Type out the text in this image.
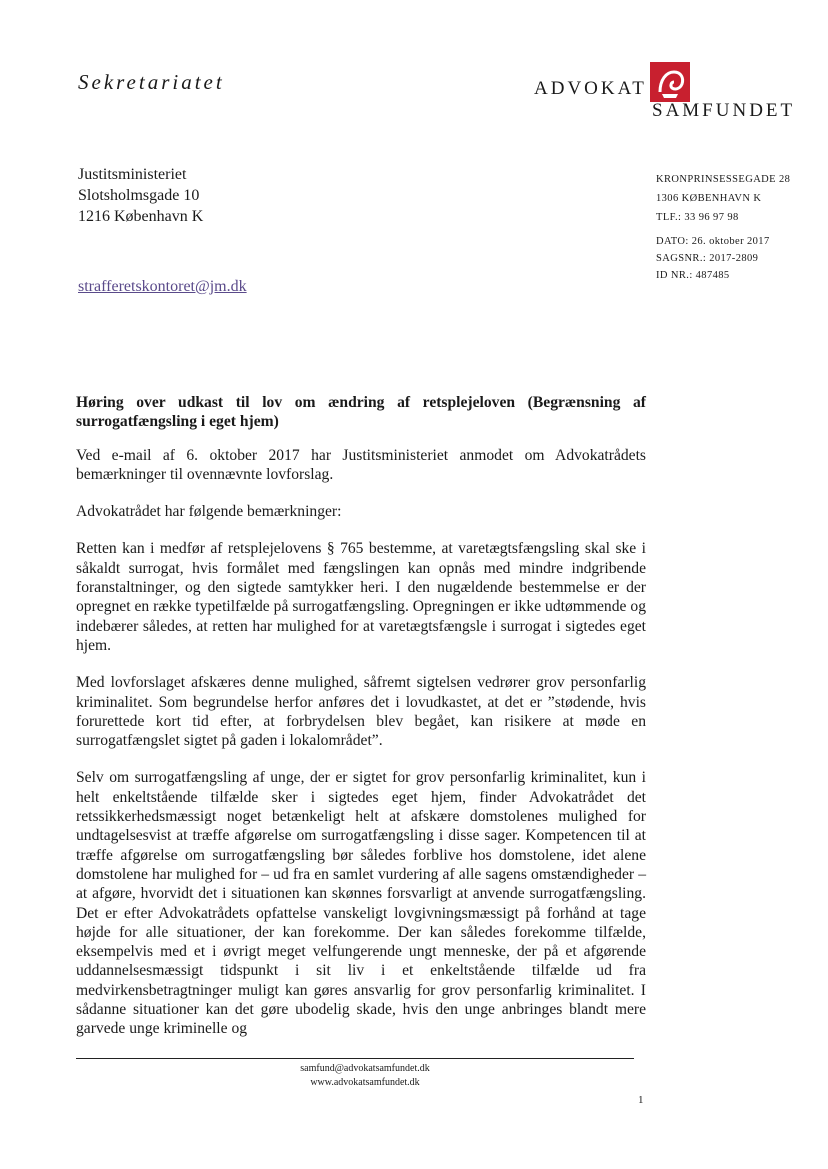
Sekretariatet	ADVOKAT
SAMFUNDET
Justitsministeriet
Slotsholmsgade 10
1216 København K
KRONPRINSESSEGADE 28
1306 KØBENHAVN K
TLF.: 33 96 97 98
DATO: 26. oktober 2017
SAGSNR.: 2017-2809
ID NR.: 487485
strafferetskontoret@jm.dk
Høring over udkast til lov om ændring af retsplejeloven (Begrænsning af surrogatfængsling i eget hjem)

Ved e-mail af 6. oktober 2017 har Justitsministeriet anmodet om Advokatrådets bemærkninger til ovennævnte lovforslag.

Advokatrådet har følgende bemærkninger:

Retten kan i medfør af retsplejelovens § 765 bestemme, at varetægtsfængsling skal ske i såkaldt surrogat, hvis formålet med fængslingen kan opnås med mindre indgribende foranstaltninger, og den sigtede samtykker heri. I den nugældende bestemmelse er der opregnet en række typetilfælde på surrogatfængsling. Opregningen er ikke udtømmende og indebærer således, at retten har mulighed for at varetægtsfængsle i surrogat i sigtedes eget hjem.

Med lovforslaget afskæres denne mulighed, såfremt sigtelsen vedrører grov personfarlig kriminalitet. Som begrundelse herfor anføres det i lovudkastet, at det er ”stødende, hvis forurettede kort tid efter, at forbrydelsen blev begået, kan risikere at møde en surrogatfængslet sigtet på gaden i lokalområdet”.

Selv om surrogatfængsling af unge, der er sigtet for grov personfarlig kriminalitet, kun i helt enkeltstående tilfælde sker i sigtedes eget hjem, finder Advokatrådet det retssikkerhedsmæssigt noget betænkeligt helt at afskære domstolenes mulighed for undtagelsesvist at træffe afgørelse om surrogatfængsling i disse sager. Kompetencen til at træffe afgørelse om surrogatfængsling bør således forblive hos domstolene, idet alene domstolene har mulighed for – ud fra en samlet vurdering af alle sagens omstændigheder – at afgøre, hvorvidt det i situationen kan skønnes forsvarligt at anvende surrogatfængsling. Det er efter Advokatrådets opfattelse vanskeligt lovgivningsmæssigt på forhånd at tage højde for alle situationer, der kan forekomme. Der kan således forekomme tilfælde, eksempelvis med et i øvrigt meget velfungerende ungt menneske, der på et afgørende uddannelsesmæssigt tidspunkt i sit liv i et enkeltstående tilfælde ud fra medvirkensbetragtninger muligt kan gøres ansvarlig for grov personfarlig kriminalitet. I sådanne situationer kan det gøre ubodelig skade, hvis den unge anbringes blandt mere garvede unge kriminelle og

samfund@advokatsamfundet.dk
www.advokatsamfundet.dk
1
